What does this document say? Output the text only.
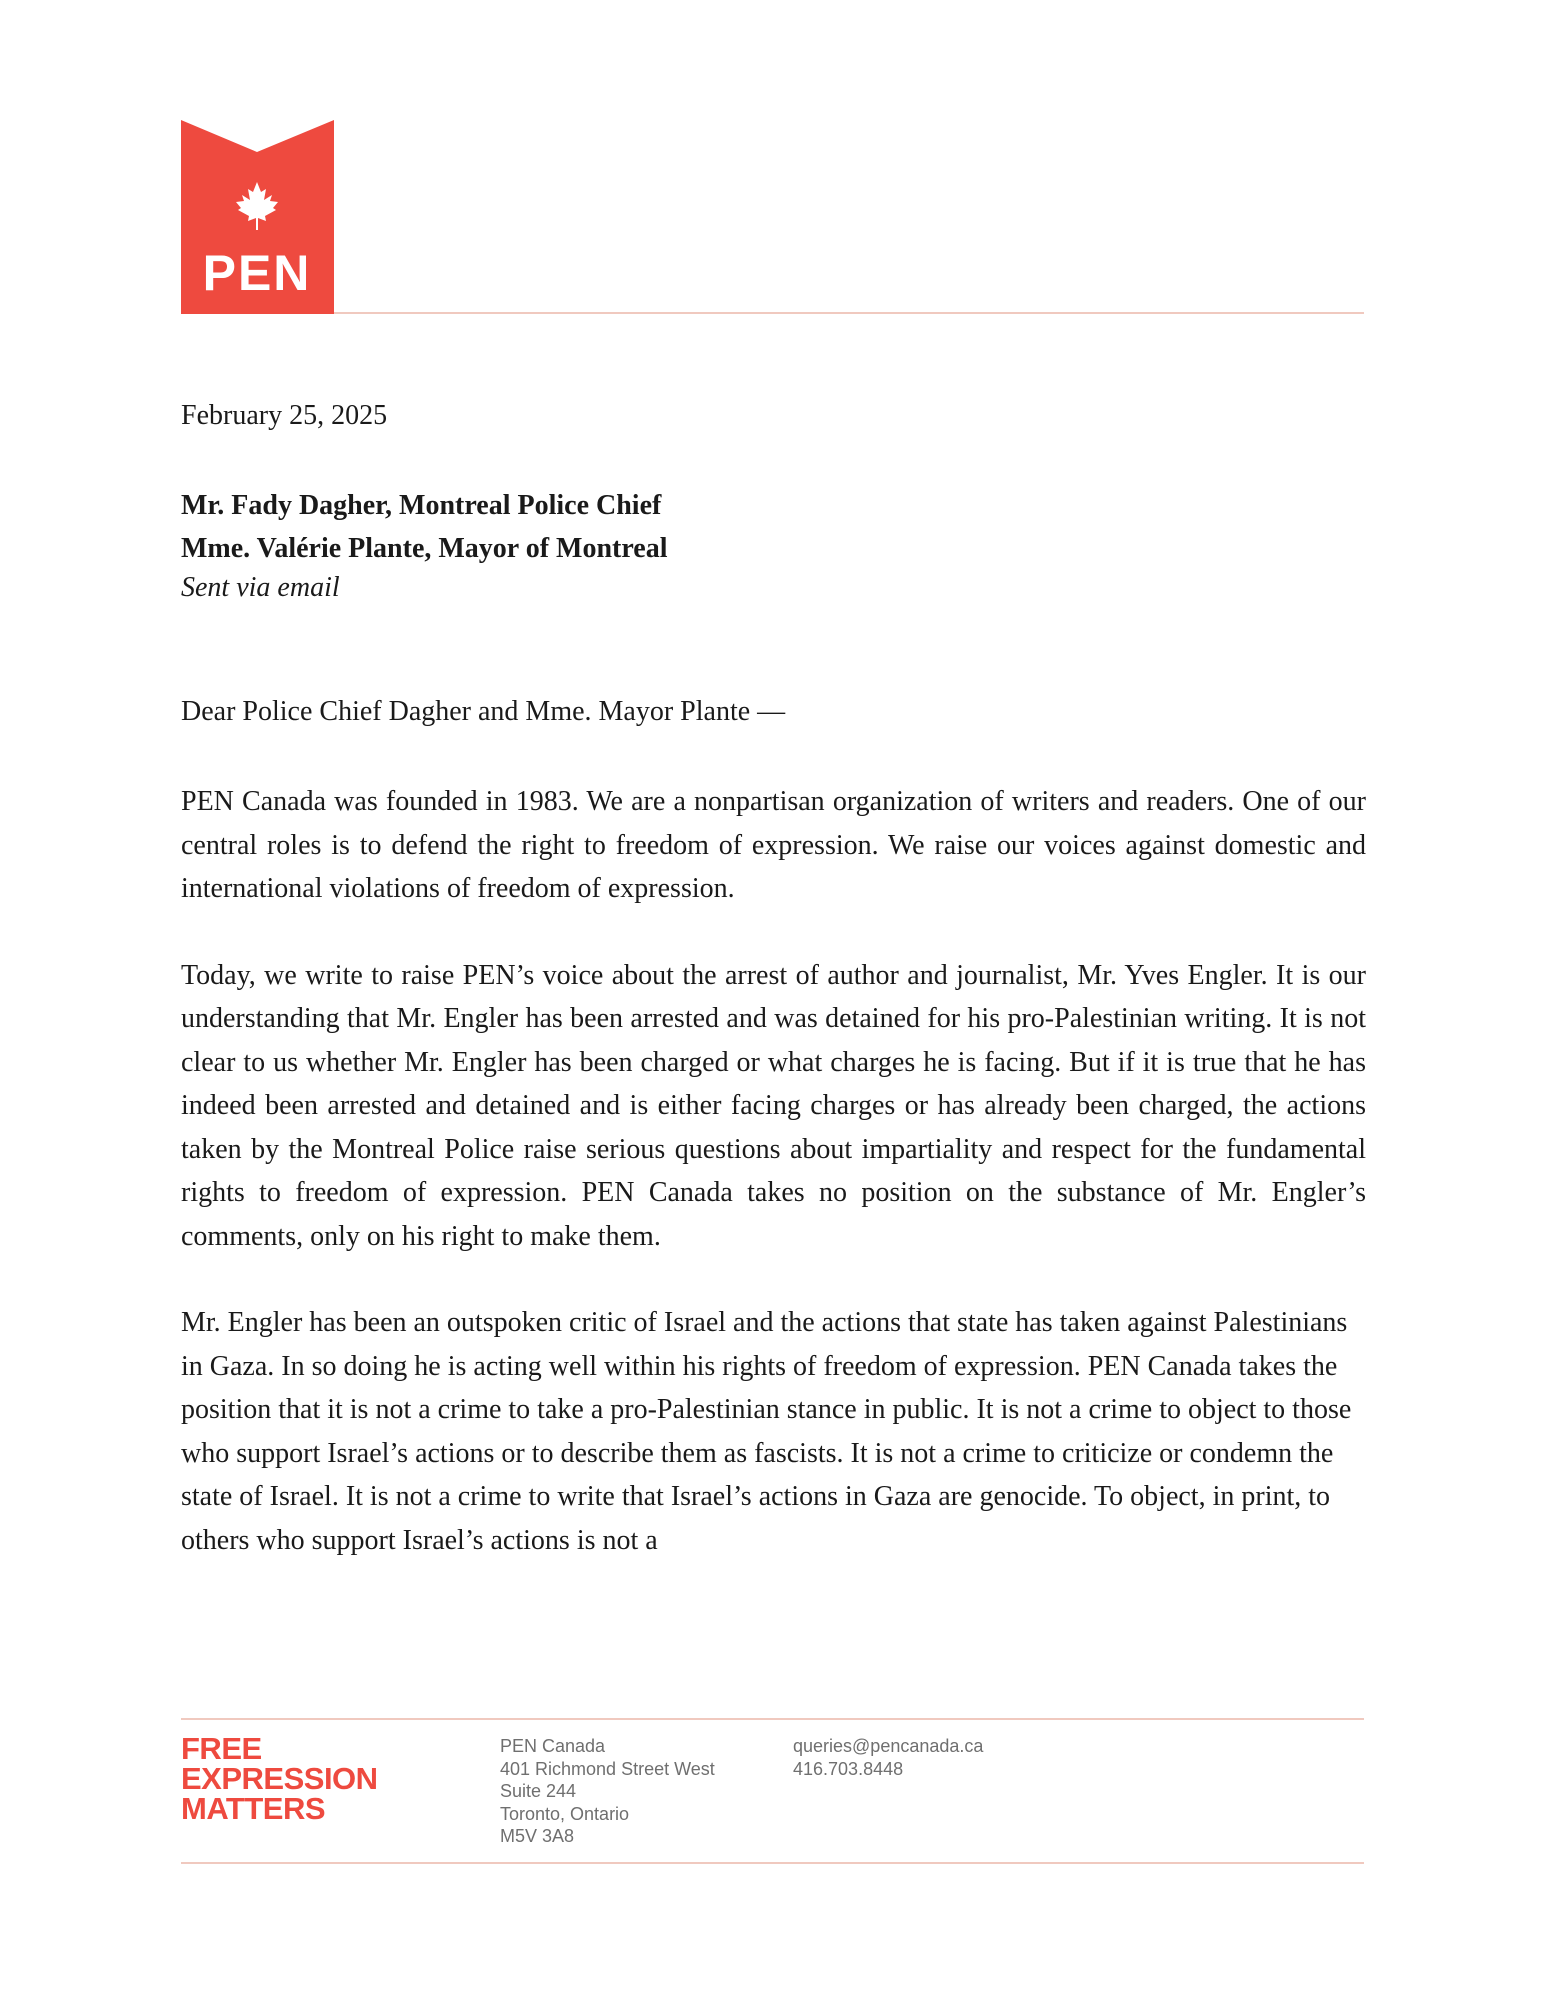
PEN
February 25, 2025
Mr. Fady Dagher, Montreal Police Chief
Mme. Valérie Plante, Mayor of Montreal
Sent via email
Dear Police Chief Dagher and Mme. Mayor Plante —

PEN Canada was founded in 1983. We are a nonpartisan organization of writers and readers. One of our central roles is to defend the right to freedom of expression. We raise our voices against domestic and international violations of freedom of expression.

Today, we write to raise PEN’s voice about the arrest of author and journalist, Mr. Yves Engler. It is our understanding that Mr. Engler has been arrested and was detained for his pro-Palestinian writing. It is not clear to us whether Mr. Engler has been charged or what charges he is facing. But if it is true that he has indeed been arrested and detained and is either facing charges or has already been charged, the actions taken by the Montreal Police raise serious questions about impartiality and respect for the fundamental rights to freedom of expression. PEN Canada takes no position on the substance of Mr. Engler’s comments, only on his right to make them.

Mr. Engler has been an outspoken critic of Israel and the actions that state has taken against Palestinians in Gaza. In so doing he is acting well within his rights of freedom of expression. PEN Canada takes the position that it is not a crime to take a pro-Palestinian stance in public. It is not a crime to object to those who support Israel’s actions or to describe them as fascists. It is not a crime to criticize or condemn the state of Israel. It is not a crime to write that Israel’s actions in Gaza are genocide. To object, in print, to others who support Israel’s actions is not a

FREE
EXPRESSION
MATTERS
PEN Canada
401 Richmond Street West
Suite 244
Toronto, Ontario
M5V 3A8
queries@pencanada.ca
416.703.8448
